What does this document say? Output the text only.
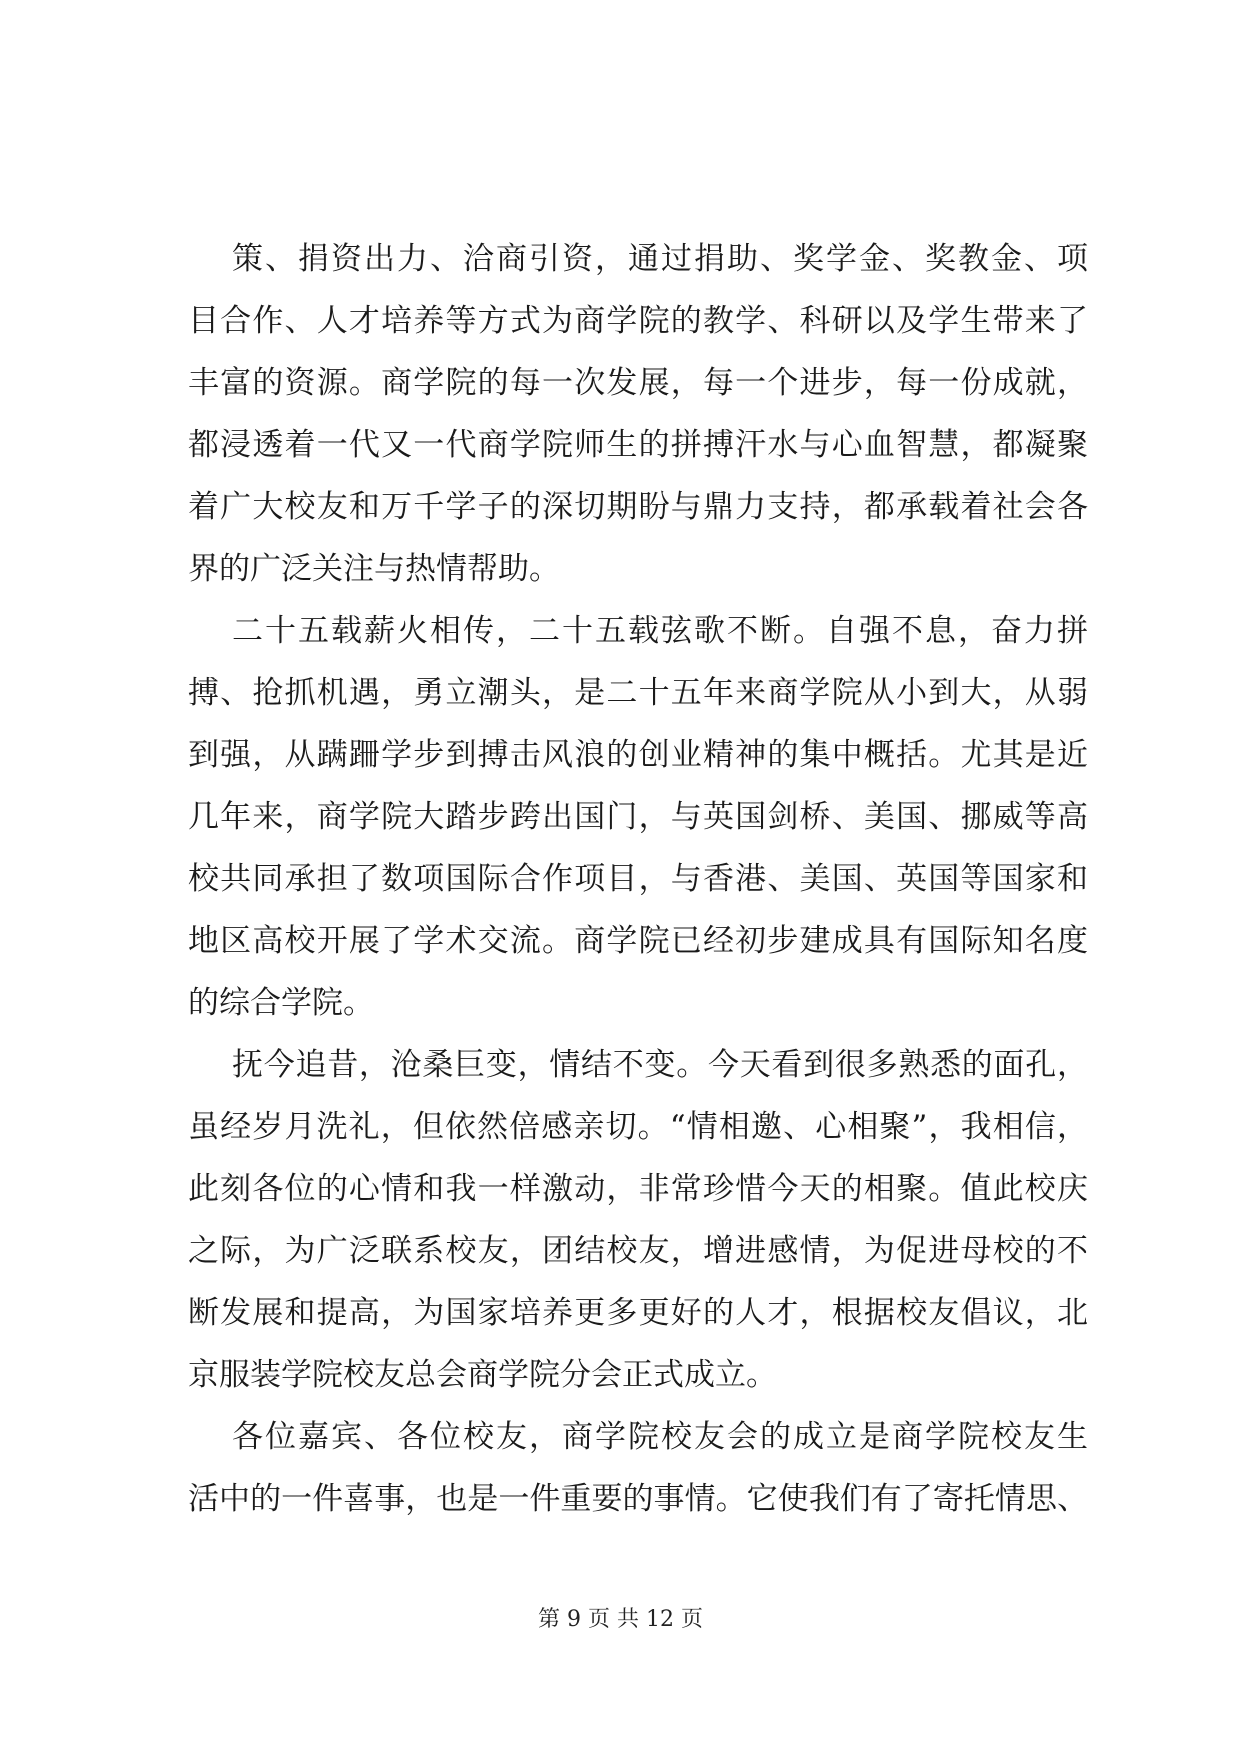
策、捐资出力、洽商引资，通过捐助、奖学金、奖教金、项
目合作、人才培养等方式为商学院的教学、科研以及学生带来了
丰富的资源。商学院的每一次发展，每一个进步，每一份成就，
都浸透着一代又一代商学院师生的拼搏汗水与心血智慧，都凝聚
着广大校友和万千学子的深切期盼与鼎力支持，都承载着社会各
界的广泛关注与热情帮助。
二十五载薪火相传，二十五载弦歌不断。自强不息，奋力拼
搏、抢抓机遇，勇立潮头，是二十五年来商学院从小到大，从弱
到强，从蹒跚学步到搏击风浪的创业精神的集中概括。尤其是近
几年来，商学院大踏步跨出国门，与英国剑桥、美国、挪威等高
校共同承担了数项国际合作项目，与香港、美国、英国等国家和
地区高校开展了学术交流。商学院已经初步建成具有国际知名度
的综合学院。
抚今追昔，沧桑巨变，情结不变。今天看到很多熟悉的面孔，
虽经岁月洗礼，但依然倍感亲切。“情相邀、心相聚”，我相信，
此刻各位的心情和我一样激动，非常珍惜今天的相聚。值此校庆
之际，为广泛联系校友，团结校友，增进感情，为促进母校的不
断发展和提高，为国家培养更多更好的人才，根据校友倡议，北
京服装学院校友总会商学院分会正式成立。
各位嘉宾、各位校友，商学院校友会的成立是商学院校友生
活中的一件喜事，也是一件重要的事情。它使我们有了寄托情思、
第 9 页 共 12 页
